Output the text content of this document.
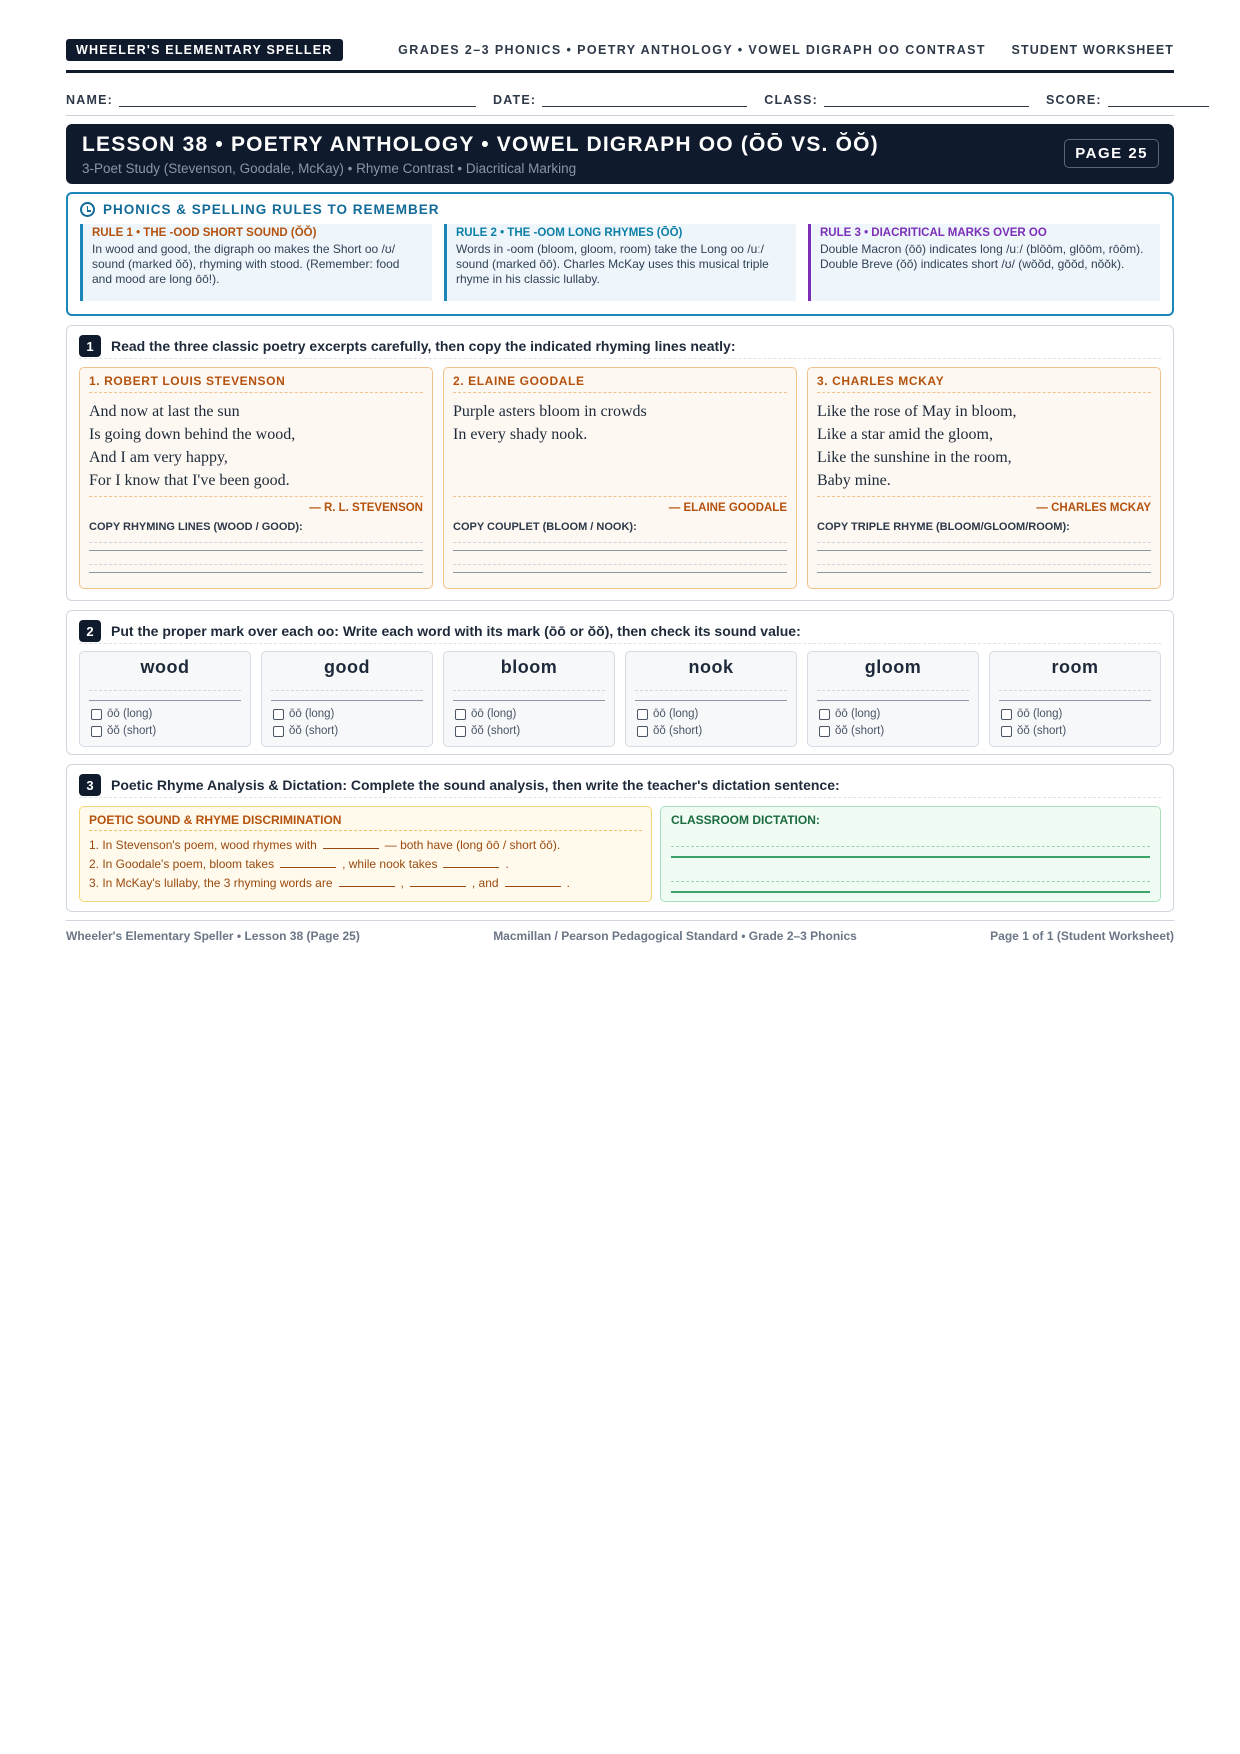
WHEELER'S ELEMENTARY SPELLER	GRADES 2–3 PHONICS • POETRY ANTHOLOGY • VOWEL DIGRAPH OO CONTRAST STUDENT WORKSHEET
NAME:	DATE:	CLASS:	SCORE:
LESSON 38 • POETRY ANTHOLOGY • VOWEL DIGRAPH OO (ŌŌ VS. ŎŎ)
3-Poet Study (Stevenson, Goodale, McKay) • Rhyme Contrast • Diacritical Marking
PAGE 25
PHONICS & SPELLING RULES TO REMEMBER
RULE 1 • THE -OOD SHORT SOUND (ŎŎ)
In wood and good, the digraph oo makes the Short oo /ʊ/ sound (marked ŏŏ), rhyming with stood. (Remember: food and mood are long ōō!).
RULE 2 • THE -OOM LONG RHYMES (ŌŌ)
Words in -oom (bloom, gloom, room) take the Long oo /uː/ sound (marked ōō). Charles McKay uses this musical triple rhyme in his classic lullaby.
RULE 3 • DIACRITICAL MARKS OVER OO
Double Macron (ōō) indicates long /uː/ (blōōm, glōōm, rōōm). Double Breve (ŏŏ) indicates short /ʊ/ (wŏŏd, gŏŏd, nŏŏk).
1	Read the three classic poetry excerpts carefully, then copy the indicated rhyming lines neatly:
1. ROBERT LOUIS STEVENSON
And now at last the sun
Is going down behind the wood,
And I am very happy,
For I know that I've been good.
— R. L. STEVENSON
COPY RHYMING LINES (WOOD / GOOD):
2. ELAINE GOODALE
Purple asters bloom in crowds
In every shady nook.
— ELAINE GOODALE
COPY COUPLET (BLOOM / NOOK):
3. CHARLES MCKAY
Like the rose of May in bloom,
Like a star amid the gloom,
Like the sunshine in the room,
Baby mine.
— CHARLES MCKAY
COPY TRIPLE RHYME (BLOOM/GLOOM/ROOM):
2	Put the proper mark over each oo: Write each word with its mark (ōō or ŏŏ), then check its sound value:
wood
ōō (long)
ŏŏ (short)
good
ōō (long)
ŏŏ (short)
bloom
ōō (long)
ŏŏ (short)
nook
ōō (long)
ŏŏ (short)
gloom
ōō (long)
ŏŏ (short)
room
ōō (long)
ŏŏ (short)
3	Poetic Rhyme Analysis & Dictation: Complete the sound analysis, then write the teacher's dictation sentence:
POETIC SOUND & RHYME DISCRIMINATION
1. In Stevenson's poem, wood rhymes with	— both have (long ōō / short ŏŏ).
2. In Goodale's poem, bloom takes	, while nook takes	.
3. In McKay's lullaby, the 3 rhyming words are	,	, and	.
CLASSROOM DICTATION:
Wheeler's Elementary Speller • Lesson 38 (Page 25)	Macmillan / Pearson Pedagogical Standard • Grade 2–3 Phonics	Page 1 of 1 (Student Worksheet)
